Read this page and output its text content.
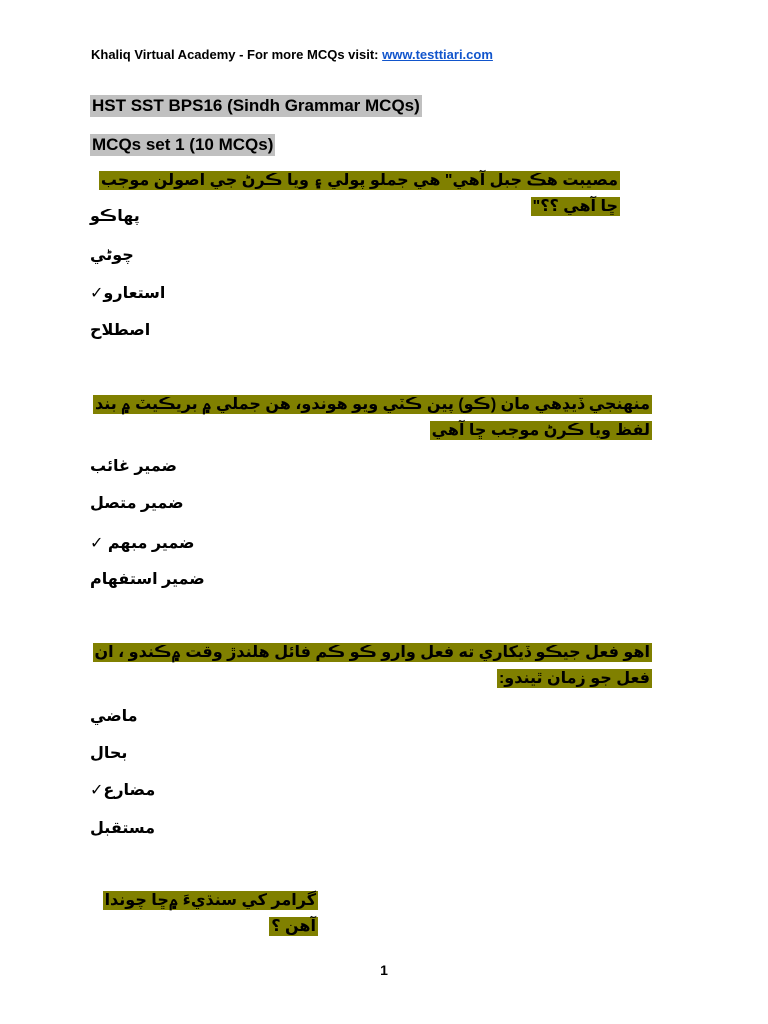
Khaliq Virtual Academy - For more MCQs visit: www.testtiari.com
HST SST BPS16 (Sindh Grammar MCQs)
MCQs set 1 (10 MCQs)
مصيبت هڪ جبل آهي" هي جملو پولي ۽ ويا ڪرڻ جي اصولن موجب ڇا آهي ؟؟"
پهاڪو
چوڻي
استعارو✓
اصطلاح
منهنجي ڏيڍهي مان (ڪو) پين ڪٽي ويو هوندو، هن جملي ۾ بريڪيٽ ۾ بند لفظ ويا ڪرڻ موجب ڇا آهي
ضمير غائب
ضمير متصل
ضمير مبهم ✓
ضمير استفهام
اهو فعل جيڪو ڏيکاري ته فعل وارو ڪو ڪم فائل هلندڙ وقت ۾ڪندو ، ان فعل جو زمان ٿيندو:
ماضي
بحال
مضارع✓
مستقبل
گرامر کي سنڌيءَ ۾ڇا چوندا آهن ؟
1
